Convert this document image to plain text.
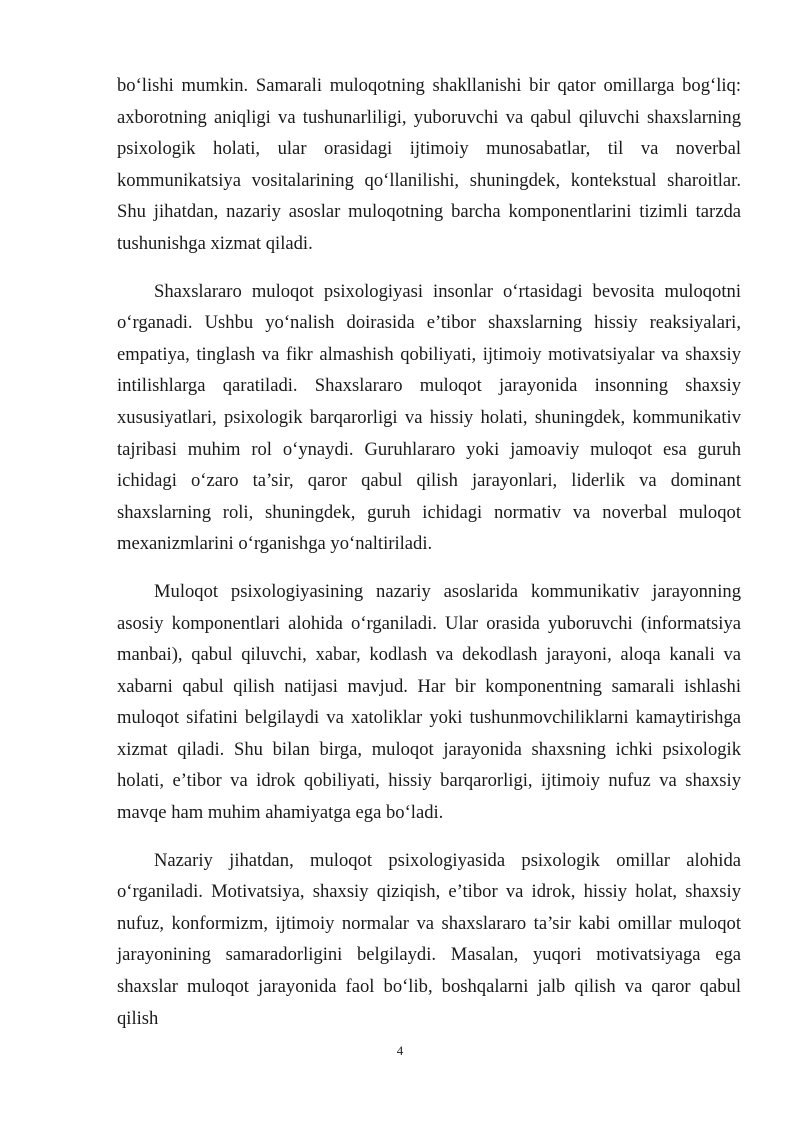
bo‘lishi mumkin. Samarali muloqotning shakllanishi bir qator omillarga bog‘liq: axborotning aniqligi va tushunarliligi, yuboruvchi va qabul qiluvchi shaxslarning psixologik holati, ular orasidagi ijtimoiy munosabatlar, til va noverbal kommunikatsiya vositalarining qo‘llanilishi, shuningdek, kontekstual sharoitlar. Shu jihatdan, nazariy asoslar muloqotning barcha komponentlarini tizimli tarzda tushunishga xizmat qiladi.

Shaxslararo muloqot psixologiyasi insonlar o‘rtasidagi bevosita muloqotni o‘rganadi. Ushbu yo‘nalish doirasida e’tibor shaxslarning hissiy reaksiyalari, empatiya, tinglash va fikr almashish qobiliyati, ijtimoiy motivatsiyalar va shaxsiy intilishlarga qaratiladi. Shaxslararo muloqot jarayonida insonning shaxsiy xususiyatlari, psixologik barqarorligi va hissiy holati, shuningdek, kommunikativ tajribasi muhim rol o‘ynaydi. Guruhlararo yoki jamoaviy muloqot esa guruh ichidagi o‘zaro ta’sir, qaror qabul qilish jarayonlari, liderlik va dominant shaxslarning roli, shuningdek, guruh ichidagi normativ va noverbal muloqot mexanizmlarini o‘rganishga yo‘naltiriladi.

Muloqot psixologiyasining nazariy asoslarida kommunikativ jarayonning asosiy komponentlari alohida o‘rganiladi. Ular orasida yuboruvchi (informatsiya manbai), qabul qiluvchi, xabar, kodlash va dekodlash jarayoni, aloqa kanali va xabarni qabul qilish natijasi mavjud. Har bir komponentning samarali ishlashi muloqot sifatini belgilaydi va xatoliklar yoki tushunmovchiliklarni kamaytirishga xizmat qiladi. Shu bilan birga, muloqot jarayonida shaxsning ichki psixologik holati, e’tibor va idrok qobiliyati, hissiy barqarorligi, ijtimoiy nufuz va shaxsiy mavqe ham muhim ahamiyatga ega bo‘ladi.

Nazariy jihatdan, muloqot psixologiyasida psixologik omillar alohida o‘rganiladi. Motivatsiya, shaxsiy qiziqish, e’tibor va idrok, hissiy holat, shaxsiy nufuz, konformizm, ijtimoiy normalar va shaxslararo ta’sir kabi omillar muloqot jarayonining samaradorligini belgilaydi. Masalan, yuqori motivatsiyaga ega shaxslar muloqot jarayonida faol bo‘lib, boshqalarni jalb qilish va qaror qabul qilish

4
